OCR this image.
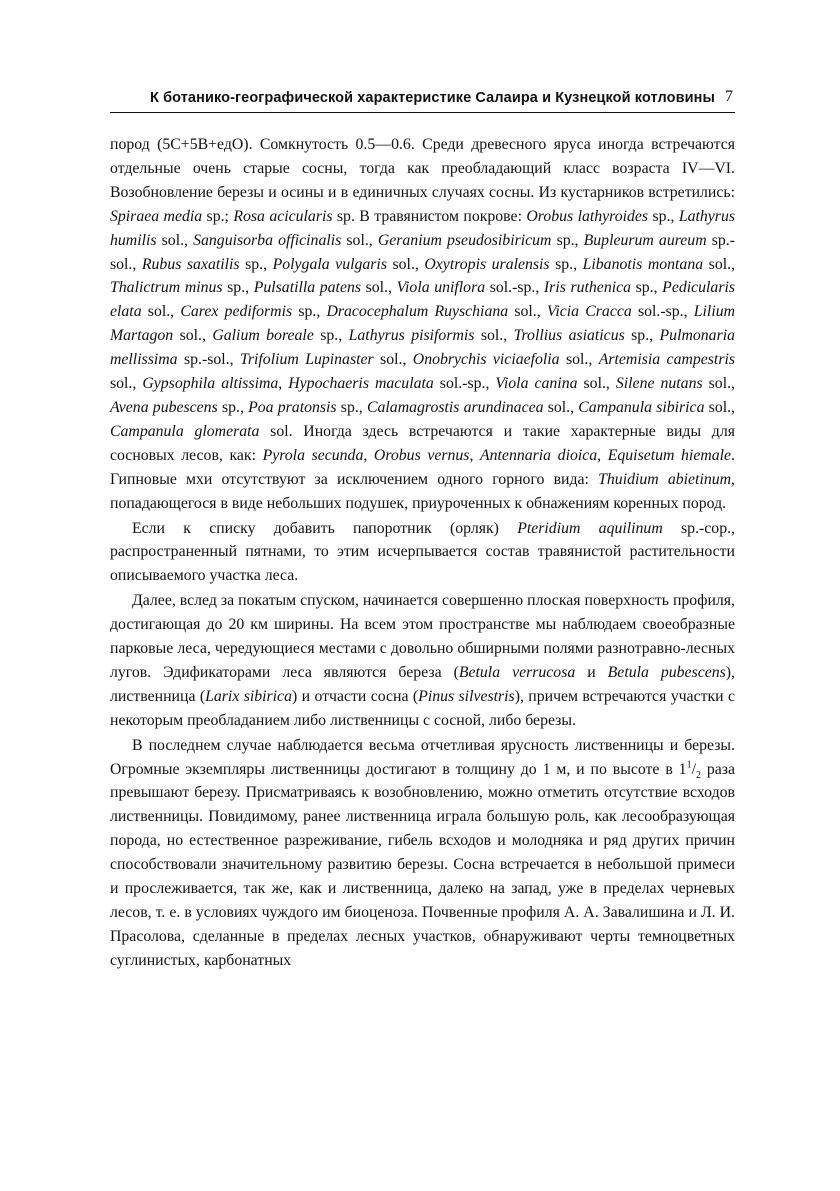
К ботанико-географической характеристике Салаира и Кузнецкой котловины 7

пород (5С+5В+едО). Сомкнутость 0.5—0.6. Среди древесного яруса иногда встречаются отдельные очень старые сосны, тогда как преобладающий класс возраста IV—VI. Возобновление березы и осины и в единичных случаях сосны. Из кустарников встретились: Spiraea media sp.; Rosa acicularis sp. В травянистом покрове: Orobus lathyroides sp., Lathyrus humilis sol., Sanguisorba officinalis sol., Geranium pseudosibiricum sp., Bupleurum aureum sp.-sol., Rubus saxatilis sp., Polygala vulgaris sol., Oxytropis uralensis sp., Libanotis montana sol., Thalictrum minus sp., Pulsatilla patens sol., Viola uniflora sol.-sp., Iris ruthenica sp., Pedicularis elata sol., Carex pediformis sp., Dracocephalum Ruyschiana sol., Vicia Cracca sol.-sp., Lilium Martagon sol., Galium boreale sp., Lathyrus pisiformis sol., Trollius asiaticus sp., Pulmonaria mellissima sp.-sol., Trifolium Lupinaster sol., Onobrychis viciaefolia sol., Artemisia campestris sol., Gypsophila altissima, Hypochaeris maculata sol.-sp., Viola canina sol., Silene nutans sol., Avena pubescens sp., Poa pratonsis sp., Calamagrostis arundinacea sol., Campanula sibirica sol., Campanula glomerata sol. Иногда здесь встречаются и такие характерные виды для сосновых лесов, как: Pyrola secunda, Orobus vernus, Antennaria dioica, Equisetum hiemale. Гипновые мхи отсутствуют за исключением одного горного вида: Thuidium abietinum, попадающегося в виде небольших подушек, приуроченных к обнажениям коренных пород.

Если к списку добавить папоротник (орляк) Pteridium aquilinum sp.-cop., распространенный пятнами, то этим исчерпывается состав травянистой растительности описываемого участка леса.

Далее, вслед за покатым спуском, начинается совершенно плоская поверхность профиля, достигающая до 20 км ширины. На всем этом пространстве мы наблюдаем своеобразные парковые леса, чередующиеся местами с довольно обширными полями разнотравно-лесных лугов. Эдификаторами леса являются береза (Betula verrucosa и Betula pubescens), лиственница (Larix sibirica) и отчасти сосна (Pinus silvestris), причем встречаются участки с некоторым преобладанием либо лиственницы с сосной, либо березы.

В последнем случае наблюдается весьма отчетливая ярусность лиственницы и березы. Огромные экземпляры лиственницы достигают в толщину до 1 м, и по высоте в $1^1/_2$ раза превышают березу. Присматриваясь к возобновлению, можно отметить отсутствие всходов лиственницы. Повидимому, ранее лиственница играла большую роль, как лесообразующая порода, но естественное разреживание, гибель всходов и молодняка и ряд других причин способствовали значительному развитию березы. Сосна встречается в небольшой примеси и прослеживается, так же, как и лиственница, далеко на запад, уже в пределах черневых лесов, т. е. в условиях чуждого им биоценоза. Почвенные профиля А. А. Завалишина и Л. И. Прасолова, сделанные в пределах лесных участков, обнаруживают черты темноцветных суглинистых, карбонатных
